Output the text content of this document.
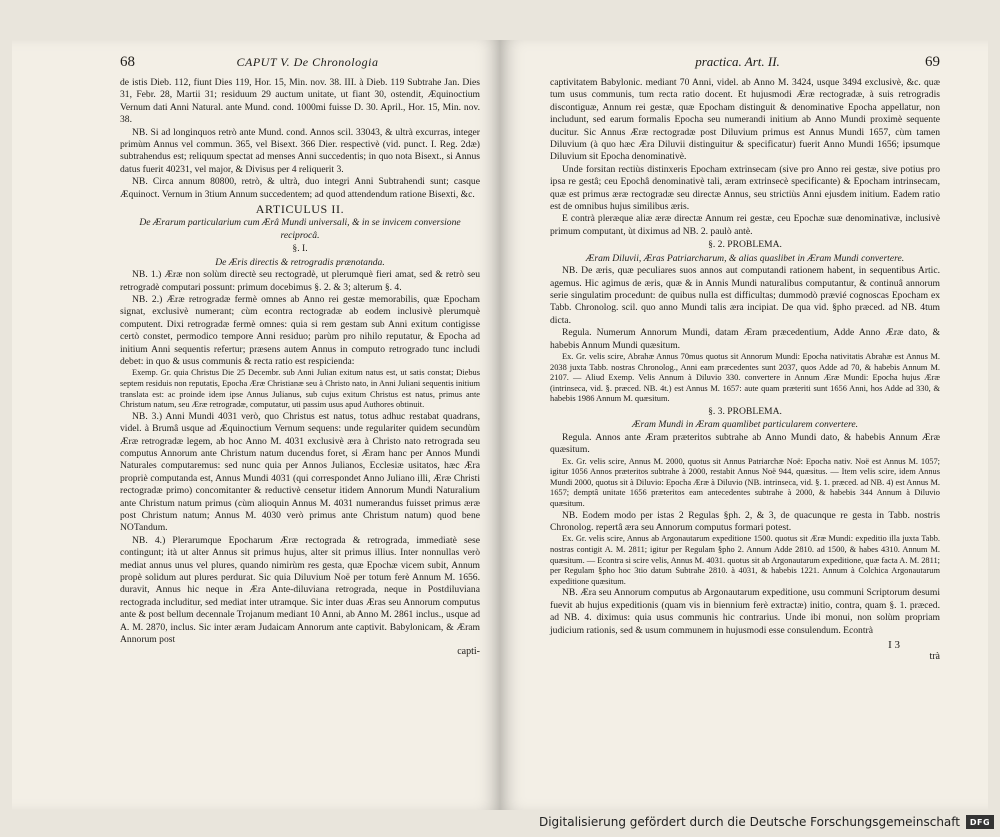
68	CAPUT V. De Chronologia

de istis Dieb. 112, fiunt Dies 119, Hor. 15, Min. nov. 38. III. à Dieb. 119 Subtrahe Jan. Dies 31, Febr. 28, Martii 31; residuum 29 auctum unitate, ut fiant 30, ostendit, Æquinoctium Vernum dati Anni Natural. ante Mund. cond. 1000mi fuisse D. 30. April., Hor. 15, Min. nov. 38.

NB. Si ad longinquos retrò ante Mund. cond. Annos scil. 33043, & ultrà excurras, integer primùm Annus vel commun. 365, vel Bisext. 366 Dier. respectivè (vid. punct. I. Reg. 2dæ) subtrahendus est; reliquum spectat ad menses Anni succedentis; in quo nota Bisext., si Annus datus fuerit 40231, vel major, & Divisus per 4 reliquerit 3.

NB. Circa annum 80800, retrò, & ultrà, duo integri Anni Subtrahendi sunt; casque Æquinoct. Vernum in 3tium Annum succedentem; ad quod attendendum ratione Bisexti, &c.

ARTICULUS II.
De Ærarum particularium cum Ærâ Mundi universali, & in se invicem conversione reciprocâ.
§. I.
De Æris directis & retrogradis prænotanda.

NB. 1.) Æræ non solùm directè seu rectogradè, ut plerumquè fieri amat, sed & retrò seu retrogradè computari possunt: primum docebimus §. 2. & 3; alterum §. 4.

NB. 2.) Æræ retrogradæ fermè omnes ab Anno rei gestæ memorabilis, quæ Epocham signat, exclusivè numerant; cùm econtra rectogradæ ab eodem inclusivè plerumquè computent. Dixi retrogradæ fermè omnes: quia si rem gestam sub Anni exitum contigisse certò constet, permodico tempore Anni residuo; parùm pro nihilo reputatur, & Epocha ad initium Anni sequentis refertur; præsens autem Annus in computo retrogrado tunc includi debet: in quo & usus communis & recta ratio est respicienda:

Exemp. Gr. quia Christus Die 25 Decembr. sub Anni Julian exitum natus est, ut satis constat; Diebus septem residuis non reputatis, Epocha Æræ Christianæ seu à Christo nato, in Anni Juliani sequentis initium translata est: ac proinde idem ipse Annus Julianus, sub cujus exitum Christus est natus, primus ante Christum natum, seu Æræ retrogradæ, computatur, uti passim usus apud Authores obtinuit.

NB. 3.) Anni Mundi 4031 verò, quo Christus est natus, totus adhuc restabat quadrans, videl. à Brumâ usque ad Æquinoctium Vernum sequens: unde regulariter quidem secundùm Æræ retrogradæ legem, ab hoc Anno M. 4031 exclusivè æra à Christo nato retrograda seu computus Annorum ante Christum natum ducendus foret, si Æram hanc per Annos Mundi Naturales computaremus: sed nunc quia per Annos Julianos, Ecclesiæ usitatos, hæc Æra propriè computanda est, Annus Mundi 4031 (qui correspondet Anno Juliano illi, Æræ Christi rectogradæ primo) concomitanter & reductivè censetur itidem Annorum Mundi Naturalium ante Christum natum primus (cùm alioquin Annus M. 4031 numerandus fuisset primus æræ post Christum natum; Annus M. 4030 verò primus ante Christum natum) quod bene NOTandum.

NB. 4.) Plerarumque Epocharum Æræ rectograda & retrograda, immediatè sese contingunt; ità ut alter Annus sit primus hujus, alter sit primus illius. Inter nonnullas verò mediat annus unus vel plures, quando nimirùm res gesta, quæ Epochæ vicem subit, Annum propè solidum aut plures perdurat. Sic quia Diluvium Noë per totum ferè Annum M. 1656. duravit, Annus hic neque in Æra Ante-diluviana retrograda, neque in Postdiluviana rectograda includitur, sed mediat inter utramque. Sic inter duas Æras seu Annorum computus ante & post bellum decennale Trojanum mediant 10 Anni, ab Anno M. 2861 inclus., usque ad A. M. 2870, inclus. Sic inter æram Judaicam Annorum ante captivit. Babylonicam, & Æram Annorum post

capti-
practica. Art. II.	69

captivitatem Babylonic. mediant 70 Anni, videl. ab Anno M. 3424, usque 3494 exclusivè, &c. quæ tum usus communis, tum recta ratio docent. Et hujusmodi Æræ rectogradæ, à suis retrogradis discontiguæ, Annum rei gestæ, quæ Epocham distinguit & denominative Epocha appellatur, non includunt, sed earum formalis Epocha seu numerandi initium ab Anno Mundi proximè sequente ducitur. Sic Annus Æræ rectogradæ post Diluvium primus est Annus Mundi 1657, cùm tamen Diluvium (à quo hæc Æra Diluvii distinguitur & specificatur) fuerit Anno Mundi 1656; ipsumque Diluvium sit Epocha denominativè.

Unde forsitan rectiùs distinxeris Epocham extrinsecam (sive pro Anno rei gestæ, sive potius pro ipsa re gestâ; ceu Epochâ denominativè tali, æram extrinsecè specificante) & Epocham intrinsecam, quæ est primus æræ rectogradæ seu directæ Annus, seu strictiùs Anni ejusdem initium. Eadem ratio est de omnibus hujus similibus æris.

E contrà pleræque aliæ æræ directæ Annum rei gestæ, ceu Epochæ suæ denominativæ, inclusivè primum computant, ùt diximus ad NB. 2. paulò antè.

§. 2. PROBLEMA.
Æram Diluvii, Æras Patriarcharum, & alias quaslibet in Æram Mundi convertere.

NB. De æris, quæ peculiares suos annos aut computandi rationem habent, in sequentibus Artic. agemus. Hic agimus de æris, quæ & in Annis Mundi naturalibus computantur, & continuâ annorum serie singulatim procedunt: de quibus nulla est difficultas; dummodò prævié cognoscas Epocham ex Tabb. Chronolog. scil. quo anno Mundi talis æra incipiat. De qua vid. §pho præced. ad NB. 4tum dicta.

Regula. Numerum Annorum Mundi, datam Æram præcedentium, Adde Anno Æræ dato, & habebis Annum Mundi quæsitum.

Ex. Gr. velis scire, Abrahæ Annus 70mus quotus sit Annorum Mundi: Epocha nativitatis Abrahæ est Annus M. 2038 juxta Tabb. nostras Chronolog., Anni eam præcedentes sunt 2037, quos Adde ad 70, & habebis Annum M. 2107. — Aliud Exemp. Velis Annum à Diluvio 330. convertere in Annum Æræ Mundi: Epocha hujus Æræ (intrinseca, vid. §. præced. NB. 4t.) est Annus M. 1657: aute quam præteriti sunt 1656 Anni, hos Adde ad 330, & habebis 1986 Annum M. quæsitum.

§. 3. PROBLEMA.
Æram Mundi in Æram quamlibet particularem convertere.

Regula. Annos ante Æram præteritos subtrahe ab Anno Mundi dato, & habebis Annum Æræ quæsitum.

Ex. Gr. velis scire, Annus M. 2000, quotus sit Annus Patriarchæ Noë: Epocha nativ. Noë est Annus M. 1057; igitur 1056 Annos præteritos subtrahe à 2000, restabit Annus Noë 944, quæsitus. — Item velis scire, idem Annus Mundi 2000, quotus sit à Diluvio: Epocha Æræ à Diluvio (NB. intrinseca, vid. §. 1. præced. ad NB. 4) est Annus M. 1657; demptâ unitate 1656 præteritos eam antecedentes subtrahe à 2000, & habebis 344 Annum à Diluvio quæsitum.

NB. Eodem modo per istas 2 Regulas §ph. 2, & 3, de quacunque re gesta in Tabb. nostris Chronolog. repertâ æra seu Annorum computus formari potest.

Ex. Gr. velis scire, Annus ab Argonautarum expeditione 1500. quotus sit Æræ Mundi: expeditio illa juxta Tabb. nostras contigit A. M. 2811; igitur per Regulam §pho 2. Annum Adde 2810. ad 1500, & habes 4310. Annum M. quæsitum. — Econtra si scire velis, Annus M. 4031. quotus sit ab Argonautarum expeditione, quæ facta A. M. 2811; per Regulam §pho hoc 3tio datum Subtrahe 2810. à 4031, & habebis 1221. Annum à Colchica Argonautarum expeditione quæsitum.

NB. Æra seu Annorum computus ab Argonautarum expeditione, usu communi Scriptorum desumi fuevit ab hujus expeditionis (quam vis in biennium ferè extractæ) initio, contra, quam §. 1. præced. ad NB. 4. diximus: quia usus communis hic contrarius. Unde ibi monui, non solùm propriam judicium rationis, sed & usum communem in hujusmodi esse consulendum. Econtrà

I 3
trà
Digitalisierung gefördert durch die Deutsche Forschungsgemeinschaft	DFG
